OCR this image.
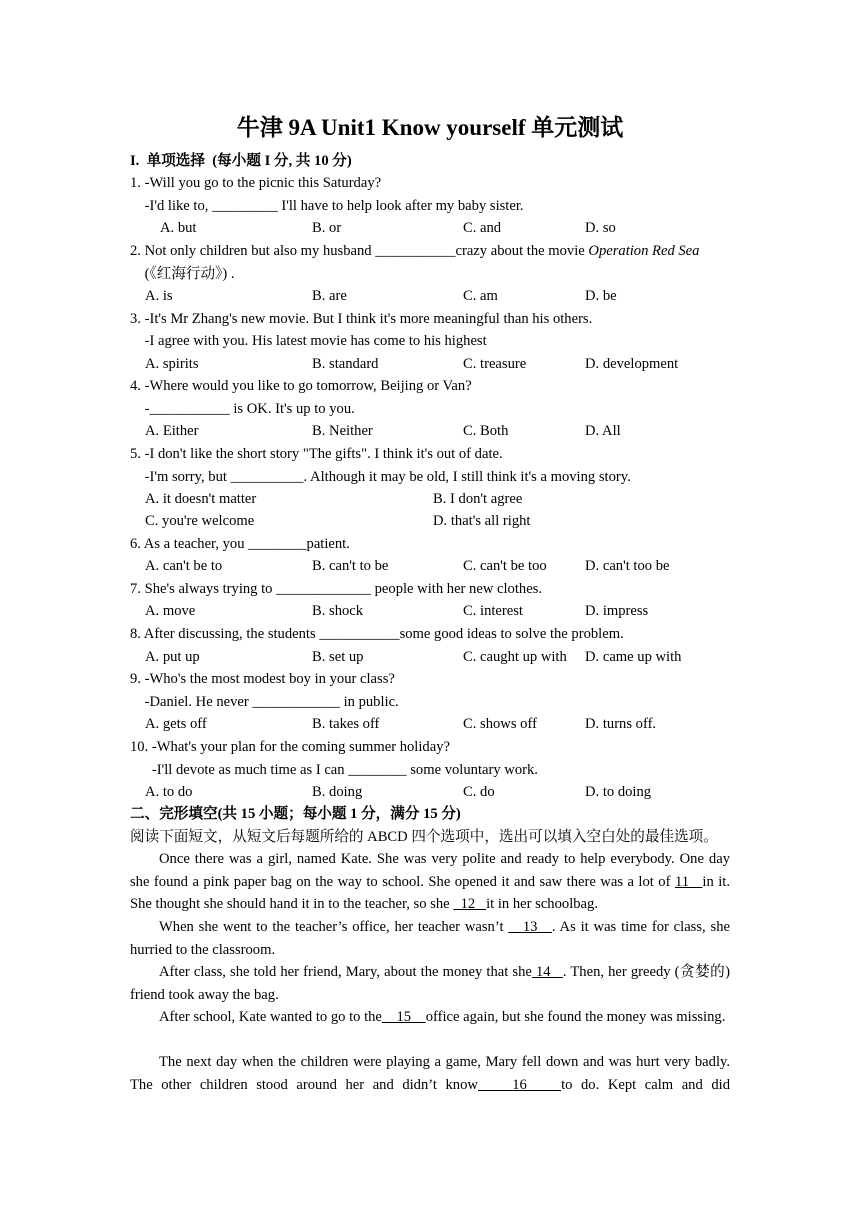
牛津 9A Unit1 Know yourself 单元测试
I.  单项选择  (每小题 I 分, 共 10 分)
1. -Will you go to the picnic this Saturday?
-I'd like to, _________ I'll have to help look after my baby sister.
A. but	B. or	C. and	D. so
2. Not only children but also my husband ___________crazy about the movie Operation Red Sea
(《红海行动》) .
A. is	B. are	C. am	D. be
3. -It's Mr Zhang's new movie. But I think it's more meaningful than his others.
-I agree with you. His latest movie has come to his highest
A. spirits	B. standard	C. treasure	D. development
4. -Where would you like to go tomorrow, Beijing or Van?
-___________ is OK. It's up to you.
A. Either	B. Neither	C. Both	D. All
5. -I don't like the short story "The gifts". I think it's out of date.
-I'm sorry, but __________. Although it may be old, I still think it's a moving story.
A. it doesn't matter	B. I don't agree
C. you're welcome	D. that's all right
6. As a teacher, you ________patient.
A. can't be to	B. can't to be	C. can't be too	D. can't too be
7. She's always trying to _____________ people with her new clothes.
A. move	B. shock	C. interest	D. impress
8. After discussing, the students ___________some good ideas to solve the problem.
A. put up	B. set up	C. caught up with D. came up with
9. -Who's the most modest boy in your class?
-Daniel. He never ____________ in public.
A. gets off	B. takes off	C. shows off	D. turns off.
10. -What's your plan for the coming summer holiday?
-I'll devote as much time as I can ________ some voluntary work.
A. to do	B. doing	C. do	D. to doing
二、完形填空(共 15 小题；每小题 1 分，满分 15 分)
阅读下面短文，从短文后每题所给的 ABCD 四个选项中，选出可以填入空白处的最佳选项。
Once there was a girl, named Kate. She was very polite and ready to help everybody. One day she found a pink paper bag on the way to school. She opened it and saw there was a lot of 11 in it. She thought she should hand it in to the teacher, so she   12 it in her schoolbag.
When she went to the teacher’s office, her teacher wasn’t    13 . As it was time for class, she hurried to the classroom.
After class, she told her friend, Mary, about the money that she 14 . Then, her greedy (贪婪的) friend took away the bag.
After school, Kate wanted to go to the 15 office again, but she found the money was missing.
The next day when the children were playing a game, Mary fell down and was hurt very badly. The other children stood around her and didn’t know 16 to do. Kept calm and did
